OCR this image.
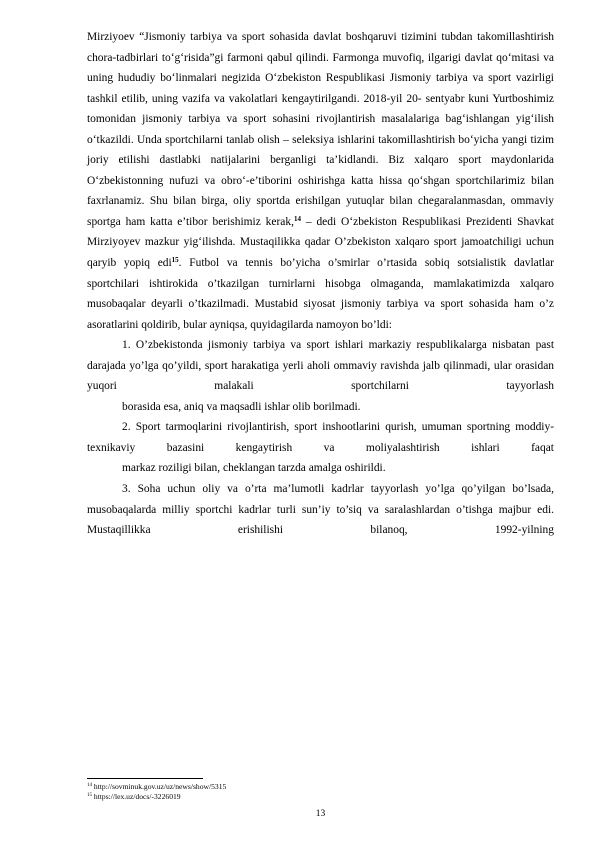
Mirziyoev “Jismoniy tarbiya va sport sohasida davlat boshqaruvi tizimini tubdan takomillashtirish chora-tadbirlari to‘g‘risida”gi farmoni qabul qilindi. Farmonga muvofiq, ilgarigi davlat qo‘mitasi va uning hududiy bo‘linmalari negizida O‘zbekiston Respublikasi Jismoniy tarbiya va sport vazirligi tashkil etilib, uning vazifa va vakolatlari kengaytirilgandi. 2018-yil 20- sentyabr kuni Yurtboshimiz tomonidan jismoniy tarbiya va sport sohasini rivojlantirish masalalariga bag‘ishlangan yig‘ilish o‘tkazildi. Unda sportchilarni tanlab olish – seleksiya ishlarini takomillashtirish bo‘yicha yangi tizim joriy etilishi dastlabki natijalarini berganligi ta’kidlandi. Biz xalqaro sport maydonlarida O‘zbekistonning nufuzi va obro‘-e’tiborini oshirishga katta hissa qo‘shgan sportchilarimiz bilan faxrlanamiz. Shu bilan birga, oliy sportda erishilgan yutuqlar bilan chegaralanmasdan, ommaviy sportga ham katta e’tibor berishimiz kerak,$^{14}$ – dedi O‘zbekiston Respublikasi Prezidenti Shavkat Mirziyoyev mazkur yig‘ilishda. Mustaqilikka qadar O’zbekiston xalqaro sport jamoatchiligi uchun qaryib yopiq edi$^{15}$. Futbol va tennis bo’yicha o’smirlar o’rtasida sobiq sotsialistik davlatlar sportchilari ishtirokida o’tkazilgan turnirlarni hisobga olmaganda, mamlakatimizda xalqaro musobaqalar deyarli o’tkazilmadi. Mustabid siyosat jismoniy tarbiya va sport sohasida ham o’z
asoratlarini qoldirib, bular ayniqsa, quyidagilarda namoyon bo’ldi:

1. O’zbekistonda jismoniy tarbiya va sport ishlari markaziy respublikalarga nisbatan past darajada yo’lga qo’yildi, sport harakatiga yerli aholi ommaviy ravishda jalb qilinmadi, ular orasidan yuqori malakali sportchilarni tayyorlash
borasida esa, aniq va maqsadli ishlar olib borilmadi.

2. Sport tarmoqlarini rivojlantirish, sport inshootlarini qurish, umuman sportning moddiy-texnikaviy bazasini kengaytirish va moliyalashtirish ishlari faqat
markaz roziligi bilan, cheklangan tarzda amalga oshirildi.

3. Soha uchun oliy va o’rta ma’lumotli kadrlar tayyorlash yo’lga qo’yilgan bo’lsada, musobaqalarda milliy sportchi kadrlar turli sun’iy to’siq va saralashlardan o’tishga majbur edi. Mustaqillikka erishilishi bilanoq, 1992-yilning

$^{14}$ http://sovminuk.gov.uz/uz/news/show/5315

$^{15}$ https://lex.uz/docs/-3226019

13
